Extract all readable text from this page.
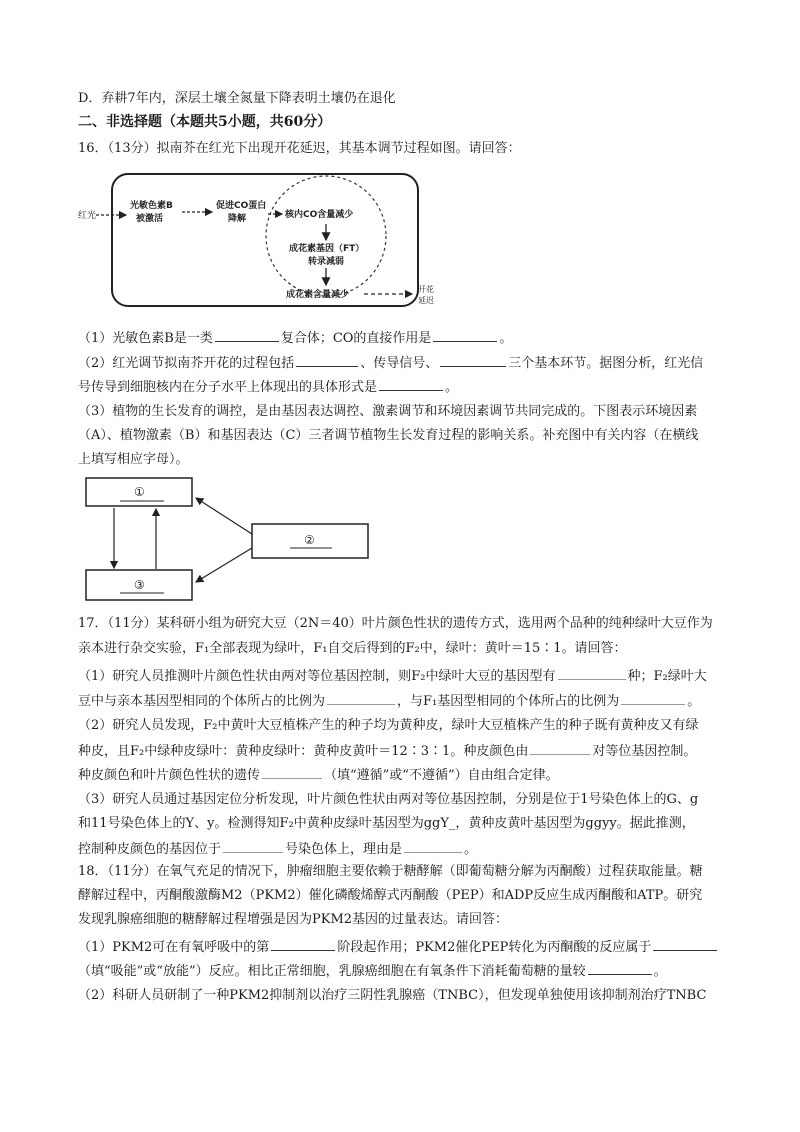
D．弃耕7年内，深层土壤全氮量下降表明土壤仍在退化
二、非选择题（本题共5小题，共60分）
16．（13分）拟南芥在红光下出现开花延迟，其基本调节过程如图。请回答：
红光
光敏色素B
被激活
促进CO蛋白
降解	核内CO含量减少
成花素基因（FT）
转录减弱
成花素含量减少
开花
延迟
（1）光敏色素B是一类	复合体；CO的直接作用是	。
（2）红光调节拟南芥开花的过程包括	、传导信号、	三个基本环节。据图分析，红光信
号传导到细胞核内在分子水平上体现出的具体形式是	。
（3）植物的生长发育的调控，是由基因表达调控、激素调节和环境因素调节共同完成的。下图表示环境因素
（A）、植物激素（B）和基因表达（C）三者调节植物生长发育过程的影响关系。补充图中有关内容（在横线
上填写相应字母）。
①
②
③
17．（11分）某科研小组为研究大豆（2N＝40）叶片颜色性状的遗传方式，选用两个品种的纯种绿叶大豆作为
亲本进行杂交实验，F₁全部表现为绿叶，F₁自交后得到的F₂中，绿叶：黄叶＝15∶1。请回答：
（1）研究人员推测叶片颜色性状由两对等位基因控制，则F₂中绿叶大豆的基因型有	种；F₂绿叶大
豆中与亲本基因型相同的个体所占的比例为	，与F₁基因型相同的个体所占的比例为	。
（2）研究人员发现，F₂中黄叶大豆植株产生的种子均为黄种皮，绿叶大豆植株产生的种子既有黄种皮又有绿
种皮，且F₂中绿种皮绿叶：黄种皮绿叶：黄种皮黄叶＝12∶3∶1。种皮颜色由	对等位基因控制。
种皮颜色和叶片颜色性状的遗传	（填“遵循”或“不遵循”）自由组合定律。
（3）研究人员通过基因定位分析发现，叶片颜色性状由两对等位基因控制，分别是位于1号染色体上的G、g
和11号染色体上的Y、y。检测得知F₂中黄种皮绿叶基因型为ggY_，黄种皮黄叶基因型为ggyy。据此推测，
控制种皮颜色的基因位于	号染色体上，理由是	。
18．（11分）在氧气充足的情况下，肿瘤细胞主要依赖于糖酵解（即葡萄糖分解为丙酮酸）过程获取能量。糖
酵解过程中，丙酮酸激酶M2（PKM2）催化磷酸烯醇式丙酮酸（PEP）和ADP反应生成丙酮酸和ATP。研究
发现乳腺癌细胞的糖酵解过程增强是因为PKM2基因的过量表达。请回答：
（1）PKM2可在有氧呼吸中的第	阶段起作用；PKM2催化PEP转化为丙酮酸的反应属于
（填“吸能”或“放能”）反应。相比正常细胞，乳腺癌细胞在有氧条件下消耗葡萄糖的量较	。
（2）科研人员研制了一种PKM2抑制剂以治疗三阴性乳腺癌（TNBC），但发现单独使用该抑制剂治疗TNBC
